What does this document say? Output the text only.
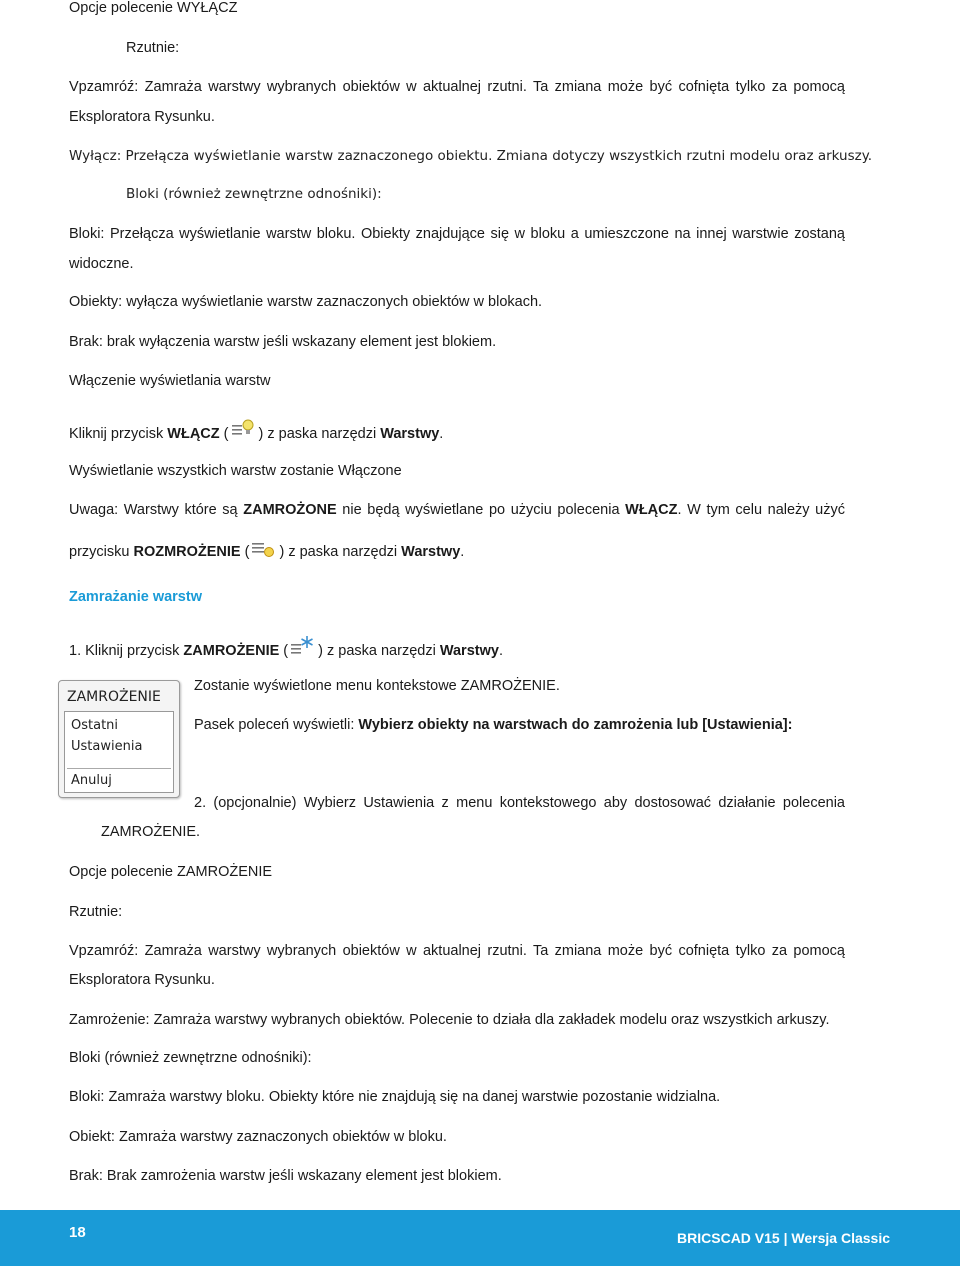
Opcje polecenie WYŁĄCZ
Rzutnie:
Vpzamróź: Zamraża warstwy wybranych obiektów w aktualnej rzutni. Ta zmiana może być cofnięta tylko za pomocą
Eksploratora Rysunku.
Wyłącz: Przełącza wyświetlanie warstw zaznaczonego obiektu. Zmiana dotyczy wszystkich rzutni modelu oraz arkuszy.
Bloki (również zewnętrzne odnośniki):
Bloki: Przełącza wyświetlanie warstw bloku. Obiekty znajdujące się w bloku a umieszczone na innej warstwie zostaną
widoczne.
Obiekty: wyłącza wyświetlanie warstw zaznaczonych obiektów w blokach.
Brak: brak wyłączenia warstw jeśli wskazany element jest blokiem.
Włączenie wyświetlania warstw
Kliknij przycisk WŁĄCZ ( ) z paska narzędzi Warstwy.
Wyświetlanie wszystkich warstw zostanie Włączone
Uwaga: Warstwy które są ZAMROŻONE nie będą wyświetlane po użyciu polecenia WŁĄCZ. W tym celu należy użyć
przycisku ROZMROŻENIE ( ) z paska narzędzi Warstwy.
Zamrażanie warstw
1. Kliknij przycisk ZAMROŻENIE ( ) z paska narzędzi Warstwy.
ZAMROŻENIE
Ostatni
Ustawienia
Anuluj
Zostanie wyświetlone menu kontekstowe ZAMROŻENIE.
Pasek poleceń wyświetli: Wybierz obiekty na warstwach do zamrożenia lub [Ustawienia]:
2. (opcjonalnie) Wybierz Ustawienia z menu kontekstowego aby dostosować działanie polecenia
ZAMROŻENIE.
Opcje polecenie ZAMROŻENIE
Rzutnie:
Vpzamróź: Zamraża warstwy wybranych obiektów w aktualnej rzutni. Ta zmiana może być cofnięta tylko za pomocą
Eksploratora Rysunku.
Zamrożenie: Zamraża warstwy wybranych obiektów. Polecenie to działa dla zakładek modelu oraz wszystkich arkuszy.
Bloki (również zewnętrzne odnośniki):
Bloki: Zamraża warstwy bloku. Obiekty które nie znajdują się na danej warstwie pozostanie widzialna.
Obiekt: Zamraża warstwy zaznaczonych obiektów w bloku.
Brak: Brak zamrożenia warstw jeśli wskazany element jest blokiem.
18	BRICSCAD V15 | Wersja Classic
